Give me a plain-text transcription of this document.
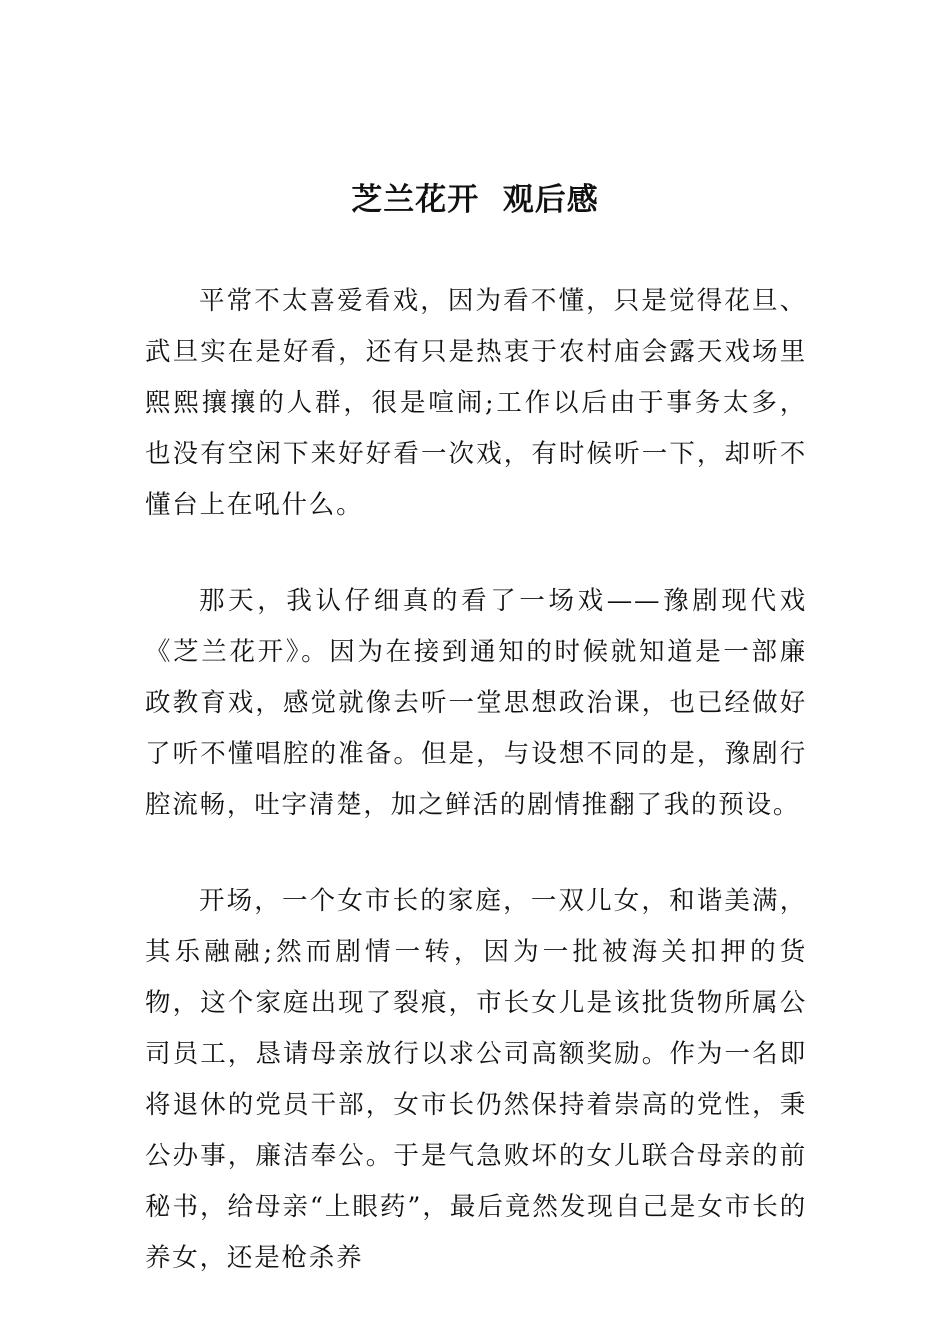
芝兰花开  观后感

平常不太喜爱看戏，因为看不懂，只是觉得花旦、武旦实在是好看，还有只是热衷于农村庙会露天戏场里熙熙攘攘的人群，很是喧闹;工作以后由于事务太多，也没有空闲下来好好看一次戏，有时候听一下，却听不懂台上在吼什么。

那天，我认仔细真的看了一场戏——豫剧现代戏《芝兰花开》。因为在接到通知的时候就知道是一部廉政教育戏，感觉就像去听一堂思想政治课，也已经做好了听不懂唱腔的准备。但是，与设想不同的是，豫剧行腔流畅，吐字清楚，加之鲜活的剧情推翻了我的预设。

开场，一个女市长的家庭，一双儿女，和谐美满，其乐融融;然而剧情一转，因为一批被海关扣押的货物，这个家庭出现了裂痕，市长女儿是该批货物所属公司员工，恳请母亲放行以求公司高额奖励。作为一名即将退休的党员干部，女市长仍然保持着崇高的党性，秉公办事，廉洁奉公。于是气急败坏的女儿联合母亲的前秘书，给母亲“上眼药”，最后竟然发现自己是女市长的养女，还是枪杀养
